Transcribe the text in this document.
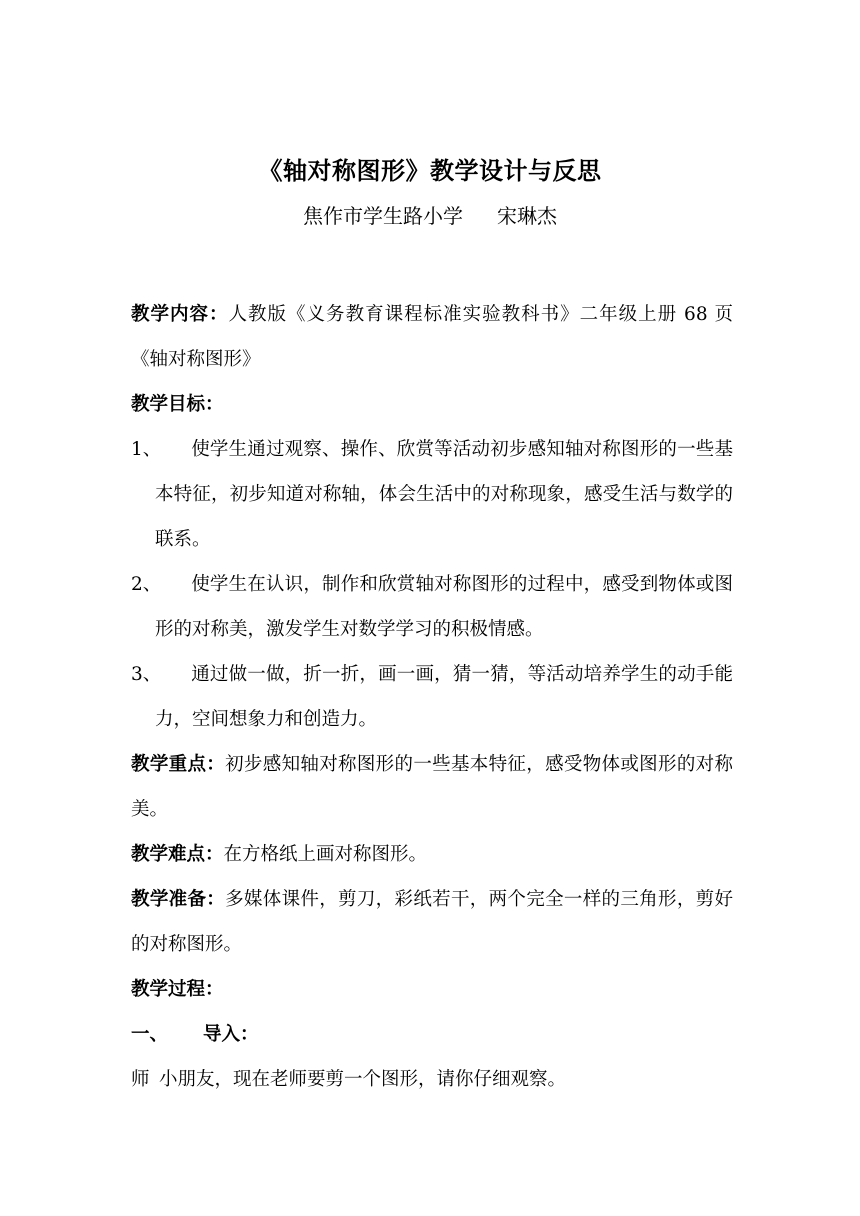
《轴对称图形》教学设计与反思
焦作市学生路小学 宋琳杰

教学内容：人教版《义务教育课程标准实验教科书》二年级上册 68 页《轴对称图形》

教学目标：

1、	使学生通过观察、操作、欣赏等活动初步感知轴对称图形的一些基本特征，初步知道对称轴，体会生活中的对称现象，感受生活与数学的联系。
2、	使学生在认识，制作和欣赏轴对称图形的过程中，感受到物体或图形的对称美，激发学生对数学学习的积极情感。
3、	通过做一做，折一折，画一画，猜一猜，等活动培养学生的动手能力，空间想象力和创造力。

教学重点：初步感知轴对称图形的一些基本特征，感受物体或图形的对称美。

教学难点：在方格纸上画对称图形。

教学准备：多媒体课件，剪刀，彩纸若干，两个完全一样的三角形，剪好的对称图形。

教学过程：

一、 导入：

师 小朋友，现在老师要剪一个图形，请你仔细观察。
